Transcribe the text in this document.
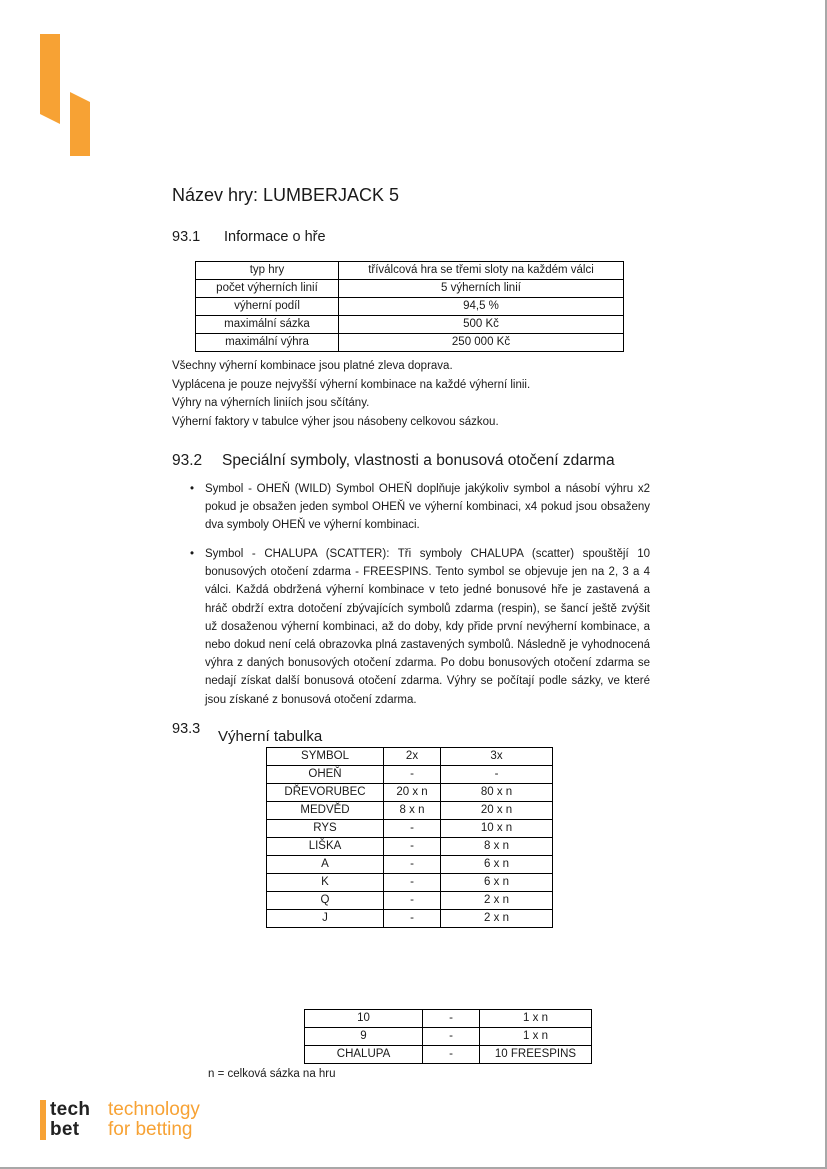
Název hry: LUMBERJACK 5
93.1 Informace o hře
typ hry	tříválcová hra se třemi sloty na každém válci
počet výherních linií	5 výherních linií
výherní podíl	94,5 %
maximální sázka	500 Kč
maximální výhra	250 000 Kč
Všechny výherní kombinace jsou platné zleva doprava.
Vyplácena je pouze nejvyšší výherní kombinace na každé výherní linii.
Výhry na výherních liniích jsou sčítány.
Výherní faktory v tabulce výher jsou násobeny celkovou sázkou.
93.2 Speciální symboly, vlastnosti a bonusová otočení zdarma
• Symbol - OHEŇ (WILD) Symbol OHEŇ doplňuje jakýkoliv symbol a násobí výhru x2 pokud je obsažen jeden symbol OHEŇ ve výherní kombinaci, x4 pokud jsou obsaženy dva symboly OHEŇ ve výherní kombinaci.
• Symbol - CHALUPA (SCATTER): Tři symboly CHALUPA (scatter) spouštějí 10 bonusových otočení zdarma - FREESPINS. Tento symbol se objevuje jen na 2, 3 a 4 válci. Každá obdržená výherní kombinace v teto jedné bonusové hře je zastavená a hráč obdrží extra dotočení zbývajících symbolů zdarma (respin), se šancí ještě zvýšit už dosaženou výherní kombinaci, až do doby, kdy přide první nevýherní kombinace, a nebo dokud není celá obrazovka plná zastavených symbolů. Následně je vyhodnocená výhra z daných bonusových otočení zdarma. Po dobu bonusových otočení zdarma se nedají získat další bonusová otočení zdarma. Výhry se počítají podle sázky, ve které jsou získané z bonusová otočení zdarma.
93.3 Výherní tabulka
SYMBOL	2x	3x
OHEŇ	-	-
DŘEVORUBEC	20 x n	80 x n
MEDVĚD	8 x n	20 x n
RYS	-	10 x n
LIŠKA	-	8 x n
A	-	6 x n
K	-	6 x n
Q	-	2 x n
J	-	2 x n
10	-	1 x n
9	-	1 x n
CHALUPA	-	10 FREESPINS
n = celková sázka na hru
tech
bet
technology
for betting
